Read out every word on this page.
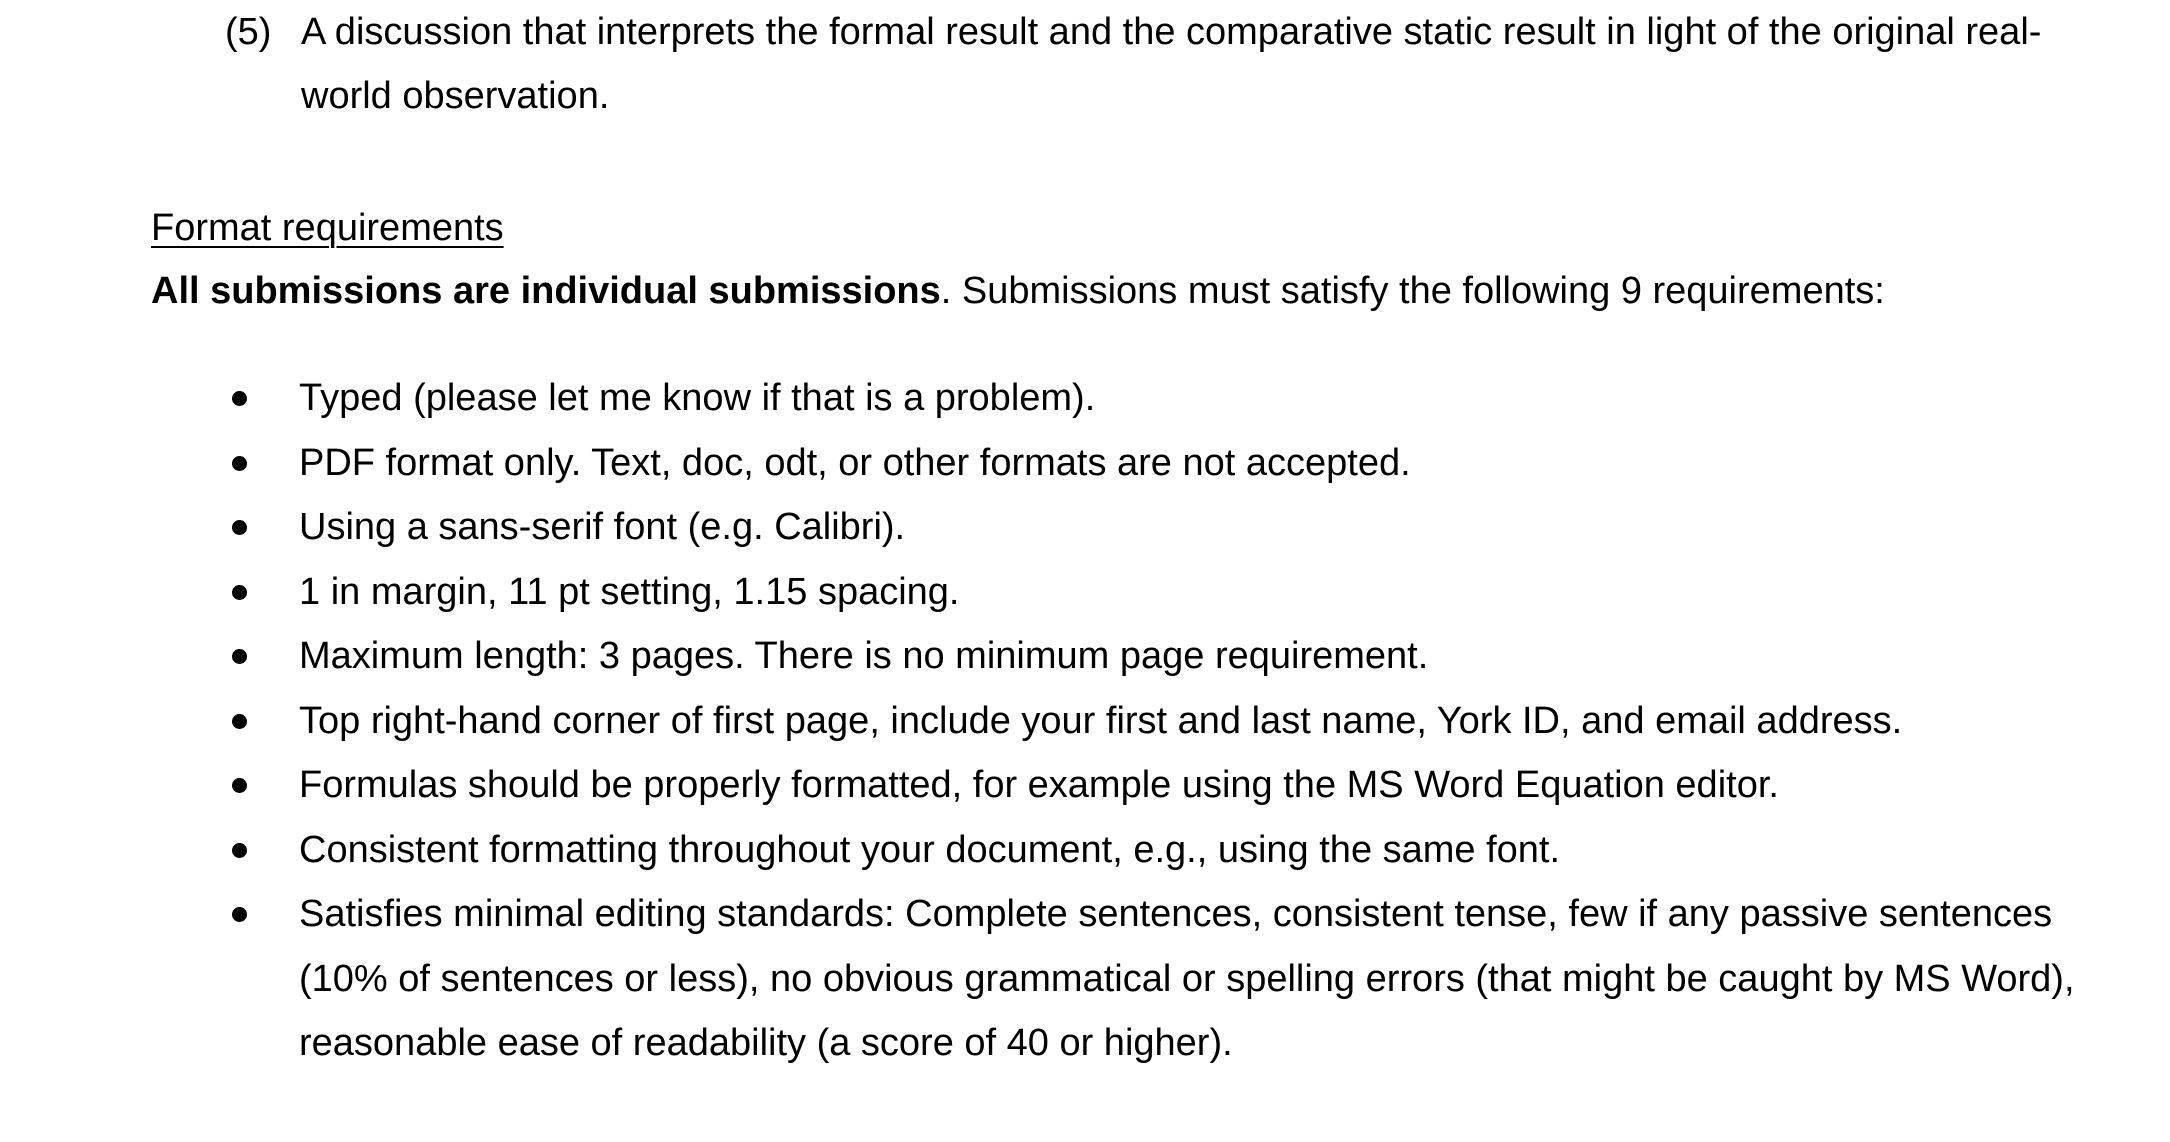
(5) A discussion that interprets the formal result and the comparative static result in light of the original real-world observation.
Format requirements
All submissions are individual submissions. Submissions must satisfy the following 9 requirements:
Typed (please let me know if that is a problem).
PDF format only. Text, doc, odt, or other formats are not accepted.
Using a sans-serif font (e.g. Calibri).
1 in margin, 11 pt setting, 1.15 spacing.
Maximum length: 3 pages. There is no minimum page requirement.
Top right-hand corner of first page, include your first and last name, York ID, and email address.
Formulas should be properly formatted, for example using the MS Word Equation editor.
Consistent formatting throughout your document, e.g., using the same font.
Satisfies minimal editing standards: Complete sentences, consistent tense, few if any passive sentences (10% of sentences or less), no obvious grammatical or spelling errors (that might be caught by MS Word), reasonable ease of readability (a score of 40 or higher).
